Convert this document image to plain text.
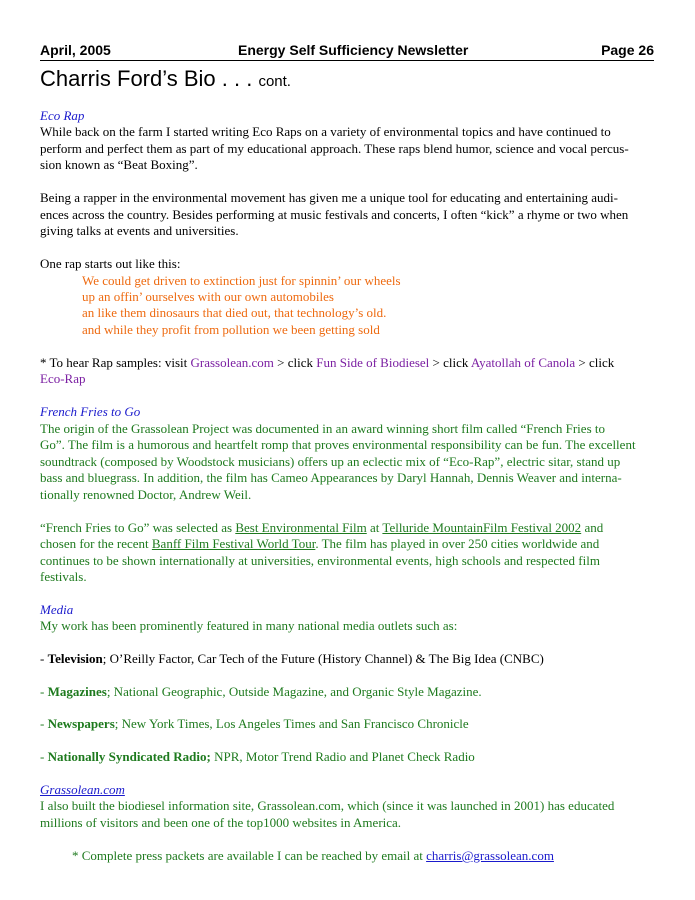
April, 2005	Energy Self Sufficiency Newsletter	Page 26
Charris Ford’s Bio . . . cont.
Eco Rap
While back on the farm I started writing Eco Raps on a variety of environmental topics and have continued to
perform and perfect them as part of my educational approach. These raps blend humor, science and vocal percus-
sion known as “Beat Boxing”.
Being a rapper in the environmental movement has given me a unique tool for educating and entertaining audi-
ences across the country. Besides performing at music festivals and concerts, I often “kick” a rhyme or two when
giving talks at events and universities.
One rap starts out like this:
We could get driven to extinction just for spinnin’ our wheels
up an offin’ ourselves with our own automobiles
an like them dinosaurs that died out, that technology’s old.
and while they profit from pollution we been getting sold
* To hear Rap samples: visit Grassolean.com > click Fun Side of Biodiesel > click Ayatollah of Canola > click
Eco-Rap
French Fries to Go
The origin of the Grassolean Project was documented in an award winning short film called “French Fries to
Go”. The film is a humorous and heartfelt romp that proves environmental responsibility can be fun. The excellent
soundtrack (composed by Woodstock musicians) offers up an eclectic mix of “Eco-Rap”, electric sitar, stand up
bass and bluegrass. In addition, the film has Cameo Appearances by Daryl Hannah, Dennis Weaver and interna-
tionally renowned Doctor, Andrew Weil.
“French Fries to Go” was selected as Best Environmental Film at Telluride MountainFilm Festival 2002 and
chosen for the recent Banff Film Festival World Tour. The film has played in over 250 cities worldwide and
continues to be shown internationally at universities, environmental events, high schools and respected film
festivals.
Media
My work has been prominently featured in many national media outlets such as:
- Television; O’Reilly Factor, Car Tech of the Future (History Channel) & The Big Idea (CNBC)
- Magazines; National Geographic, Outside Magazine, and Organic Style Magazine.
- Newspapers; New York Times, Los Angeles Times and San Francisco Chronicle
- Nationally Syndicated Radio; NPR, Motor Trend Radio and Planet Check Radio
Grassolean.com
I also built the biodiesel information site, Grassolean.com, which (since it was launched in 2001) has educated
millions of visitors and been one of the top1000 websites in America.
* Complete press packets are available I can be reached by email at charris@grassolean.com
